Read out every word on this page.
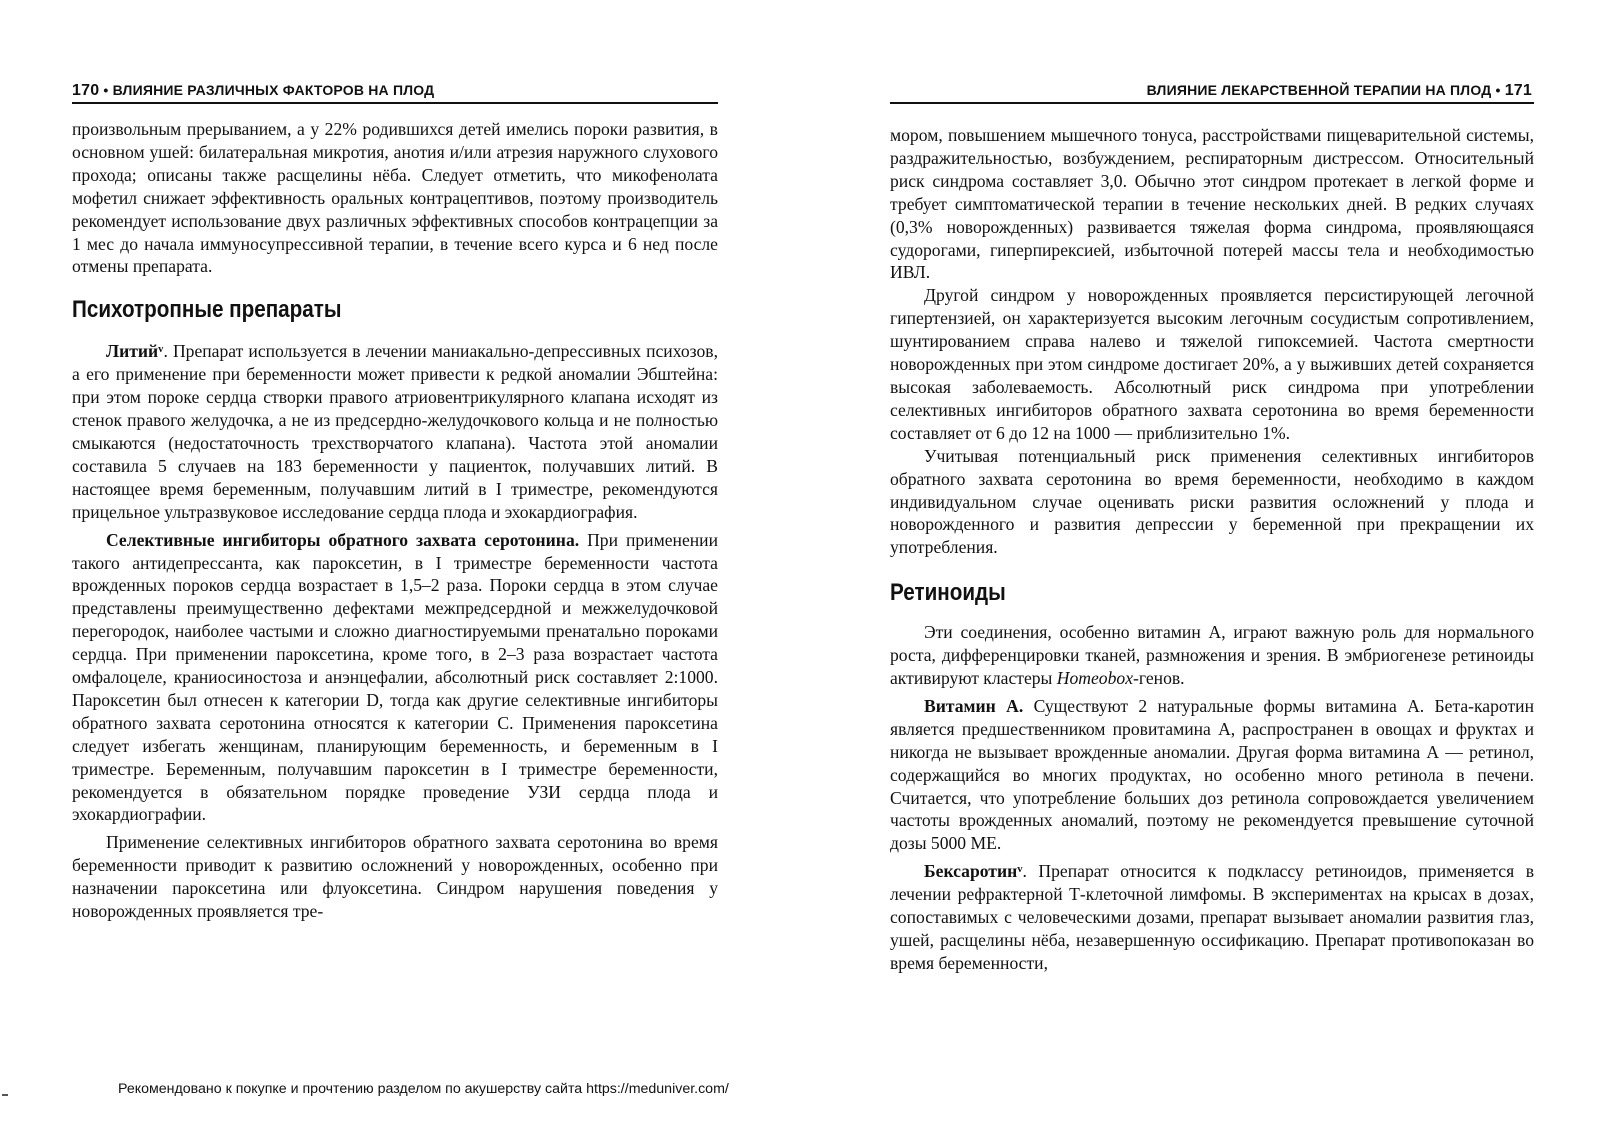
170 • ВЛИЯНИЕ РАЗЛИЧНЫХ ФАКТОРОВ НА ПЛОД

произвольным прерыванием, а у 22% родившихся детей имелись пороки развития, в основном ушей: билатеральная микротия, анотия и/или атрезия наружного слухового прохода; описаны также расщелины нёба. Следует отметить, что микофенолата мофетил снижает эффективность оральных контрацептивов, поэтому производитель рекомендует использование двух различных эффективных способов контрацепции за 1 мес до начала иммуносупрессивной терапии, в течение всего курса и 6 нед после отмены препарата.

Психотропные препараты

Литийᵛ. Препарат используется в лечении маниакально-депрессивных психозов, а его применение при беременности может привести к редкой аномалии Эбштейна: при этом пороке сердца створки правого атриовентрикулярного клапана исходят из стенок правого желудочка, а не из предсердно-желудочкового кольца и не полностью смыкаются (недостаточность трехстворчатого клапана). Частота этой аномалии составила 5 случаев на 183 беременности у пациенток, получавших литий. В настоящее время беременным, получавшим литий в I триместре, рекомендуются прицельное ультразвуковое исследование сердца плода и эхокардиография.

Селективные ингибиторы обратного захвата серотонина. При применении такого антидепрессанта, как пароксетин, в I триместре беременности частота врожденных пороков сердца возрастает в 1,5–2 раза. Пороки сердца в этом случае представлены преимущественно дефектами межпредсердной и межжелудочковой перегородок, наиболее частыми и сложно диагностируемыми пренатально пороками сердца. При применении пароксетина, кроме того, в 2–3 раза возрастает частота омфалоцеле, краниосиностоза и анэнцефалии, абсолютный риск составляет 2:1000. Пароксетин был отнесен к категории D, тогда как другие селективные ингибиторы обратного захвата серотонина относятся к категории С. Применения пароксетина следует избегать женщинам, планирующим беременность, и беременным в I триместре. Беременным, получавшим пароксетин в I триместре беременности, рекомендуется в обязательном порядке проведение УЗИ сердца плода и эхокардиографии.

Применение селективных ингибиторов обратного захвата серотонина во время беременности приводит к развитию осложнений у новорожденных, особенно при назначении пароксетина или флуоксетина. Синдром нарушения поведения у новорожденных проявляется тре-

Рекомендовано к покупке и прочтению разделом по акушерству сайта https://meduniver.com/
ВЛИЯНИЕ ЛЕКАРСТВЕННОЙ ТЕРАПИИ НА ПЛОД • 171

мором, повышением мышечного тонуса, расстройствами пищеварительной системы, раздражительностью, возбуждением, респираторным дистрессом. Относительный риск синдрома составляет 3,0. Обычно этот синдром протекает в легкой форме и требует симптоматической терапии в течение нескольких дней. В редких случаях (0,3% новорожденных) развивается тяжелая форма синдрома, проявляющаяся судорогами, гиперпирексией, избыточной потерей массы тела и необходимостью ИВЛ.

Другой синдром у новорожденных проявляется персистирующей легочной гипертензией, он характеризуется высоким легочным сосудистым сопротивлением, шунтированием справа налево и тяжелой гипоксемией. Частота смертности новорожденных при этом синдроме достигает 20%, а у выживших детей сохраняется высокая заболеваемость. Абсолютный риск синдрома при употреблении селективных ингибиторов обратного захвата серотонина во время беременности составляет от 6 до 12 на 1000 — приблизительно 1%.

Учитывая потенциальный риск применения селективных ингибиторов обратного захвата серотонина во время беременности, необходимо в каждом индивидуальном случае оценивать риски развития осложнений у плода и новорожденного и развития депрессии у беременной при прекращении их употребления.

Ретиноиды

Эти соединения, особенно витамин А, играют важную роль для нормального роста, дифференцировки тканей, размножения и зрения. В эмбриогенезе ретиноиды активируют кластеры Homeobox-генов.

Витамин А. Существуют 2 натуральные формы витамина А. Бета-каротин является предшественником провитамина А, распространен в овощах и фруктах и никогда не вызывает врожденные аномалии. Другая форма витамина А — ретинол, содержащийся во многих продуктах, но особенно много ретинола в печени. Считается, что употребление больших доз ретинола сопровождается увеличением частоты врожденных аномалий, поэтому не рекомендуется превышение суточной дозы 5000 МЕ.

Бексаротинᵛ. Препарат относится к подклассу ретиноидов, применяется в лечении рефрактерной Т-клеточной лимфомы. В экспериментах на крысах в дозах, сопоставимых с человеческими дозами, препарат вызывает аномалии развития глаз, ушей, расщелины нёба, незавершенную оссификацию. Препарат противопоказан во время беременности,
